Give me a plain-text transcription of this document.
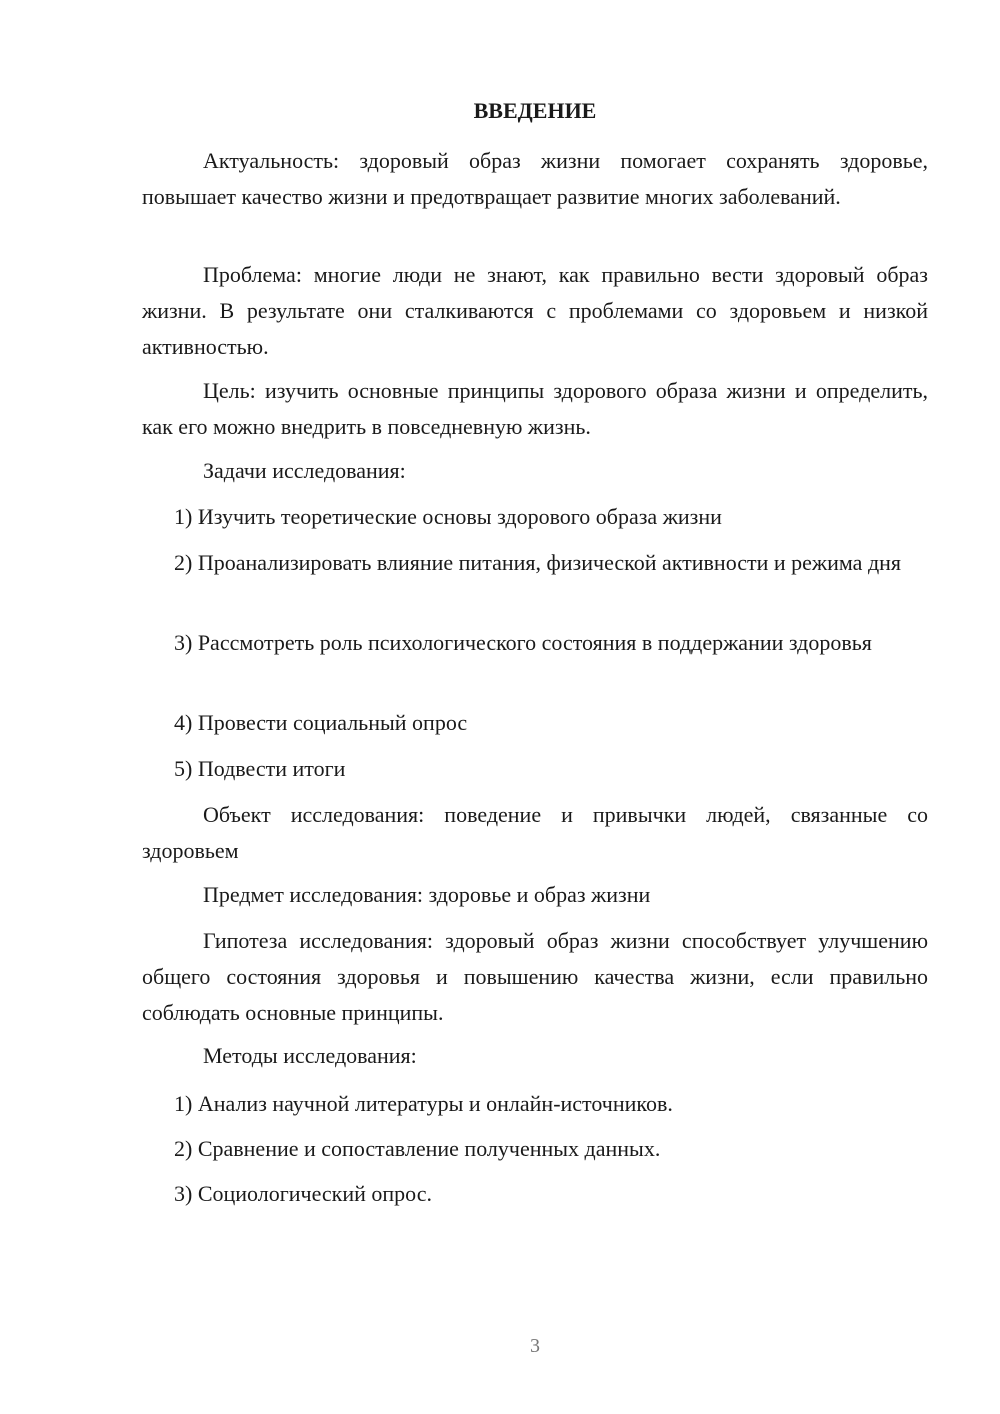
ВВЕДЕНИЕ

Актуальность: здоровый образ жизни помогает сохранять здоровье, повышает качество жизни и предотвращает развитие многих заболеваний.

Проблема: многие люди не знают, как правильно вести здоровый образ жизни. В результате они сталкиваются с проблемами со здоровьем и низкой активностью.

Цель: изучить основные принципы здорового образа жизни и определить, как его можно внедрить в повседневную жизнь.

Задачи исследования:

1) Изучить теоретические основы здорового образа жизни

2) Проанализировать влияние питания, физической активности и режима дня

3) Рассмотреть роль психологического состояния в поддержании здоровья

4) Провести социальный опрос

5) Подвести итоги

Объект исследования: поведение и привычки людей, связанные со здоровьем

Предмет исследования: здоровье и образ жизни

Гипотеза исследования: здоровый образ жизни способствует улучшению общего состояния здоровья и повышению качества жизни, если правильно соблюдать основные принципы.

Методы исследования:

1) Анализ научной литературы и онлайн-источников.

2) Сравнение и сопоставление полученных данных.

3) Социологический опрос.

3
